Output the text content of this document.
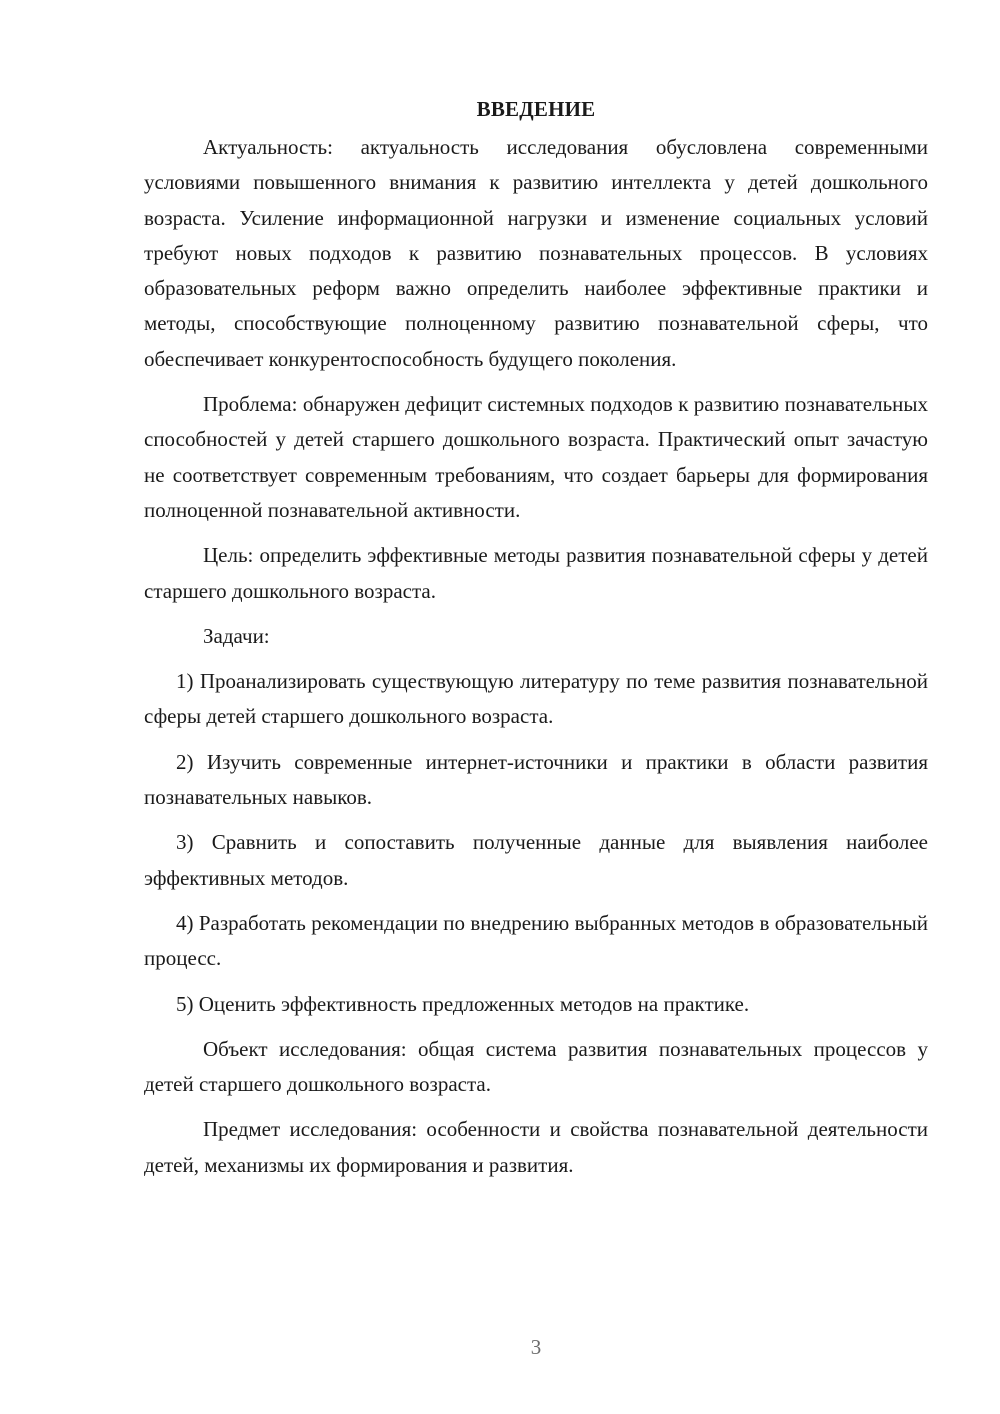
ВВЕДЕНИЕ

Актуальность: актуальность исследования обусловлена современными условиями повышенного внимания к развитию интеллекта у детей дошкольного возраста. Усиление информационной нагрузки и изменение социальных условий требуют новых подходов к развитию познавательных процессов. В условиях образовательных реформ важно определить наиболее эффективные практики и методы, способствующие полноценному развитию познавательной сферы, что обеспечивает конкурентоспособность будущего поколения.

Проблема: обнаружен дефицит системных подходов к развитию познавательных способностей у детей старшего дошкольного возраста. Практический опыт зачастую не соответствует современным требованиям, что создает барьеры для формирования полноценной познавательной активности.

Цель: определить эффективные методы развития познавательной сферы у детей старшего дошкольного возраста.

Задачи:

1) Проанализировать существующую литературу по теме развития познавательной сферы детей старшего дошкольного возраста.

2) Изучить современные интернет-источники и практики в области развития познавательных навыков.

3) Сравнить и сопоставить полученные данные для выявления наиболее эффективных методов.

4) Разработать рекомендации по внедрению выбранных методов в образовательный процесс.

5) Оценить эффективность предложенных методов на практике.

Объект исследования: общая система развития познавательных процессов у детей старшего дошкольного возраста.

Предмет исследования: особенности и свойства познавательной деятельности детей, механизмы их формирования и развития.

3
